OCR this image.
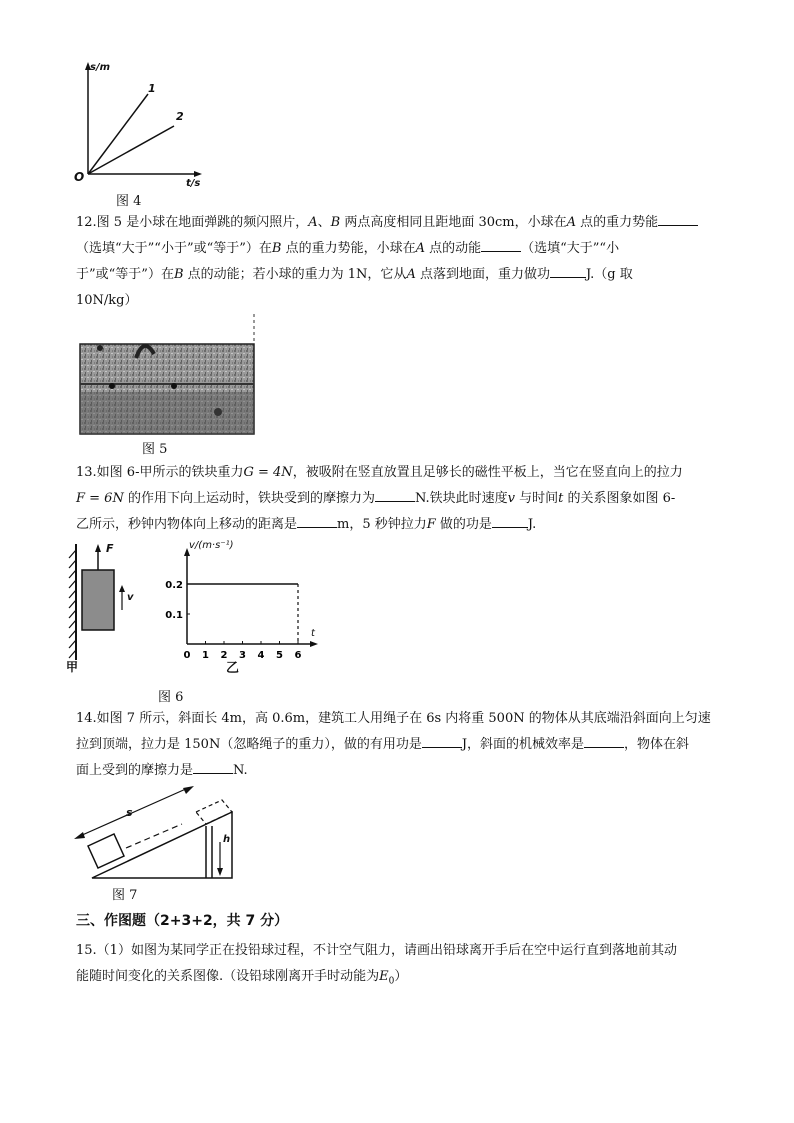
s/m
t/s
O
1
2
图 4
12.图 5 是小球在地面弹跳的频闪照片，A、B 两点高度相同且距地面 30cm，小球在A 点的重力势能
（选填“大于”“小于”或“等于”）在B 点的重力势能，小球在A 点的动能	（选填“大于”“小
于”或“等于”）在B 点的动能；若小球的重力为 1N，它从A 点落到地面，重力做功	J.（g 取
10N/kg）
图 5
13.如图 6-甲所示的铁块重力G = 4N，被吸附在竖直放置且足够长的磁性平板上，当它在竖直向上的拉力
F = 6N 的作用下向上运动时，铁块受到的摩擦力为	N.铁块此时速度v 与时间t 的关系图象如图 6-
乙所示，秒钟内物体向上移动的距离是	m，5 秒钟拉力F 做的功是	J.
F
v
甲
0 1 2 3 4 5 6
0.1
0.2
v/(m·s⁻¹)
t
乙
图 6
14.如图 7 所示，斜面长 4m，高 0.6m，建筑工人用绳子在 6s 内将重 500N 的物体从其底端沿斜面向上匀速
拉到顶端，拉力是 150N（忽略绳子的重力），做的有用功是	J，斜面的机械效率是	，物体在斜
面上受到的摩擦力是	N.
s
h
图 7
三、作图题（2+3+2，共 7 分）
15.（1）如图为某同学正在投铅球过程，不计空气阻力，请画出铅球离开手后在空中运行直到落地前其动
能随时间变化的关系图像.（设铅球刚离开手时动能为$E_0$）
